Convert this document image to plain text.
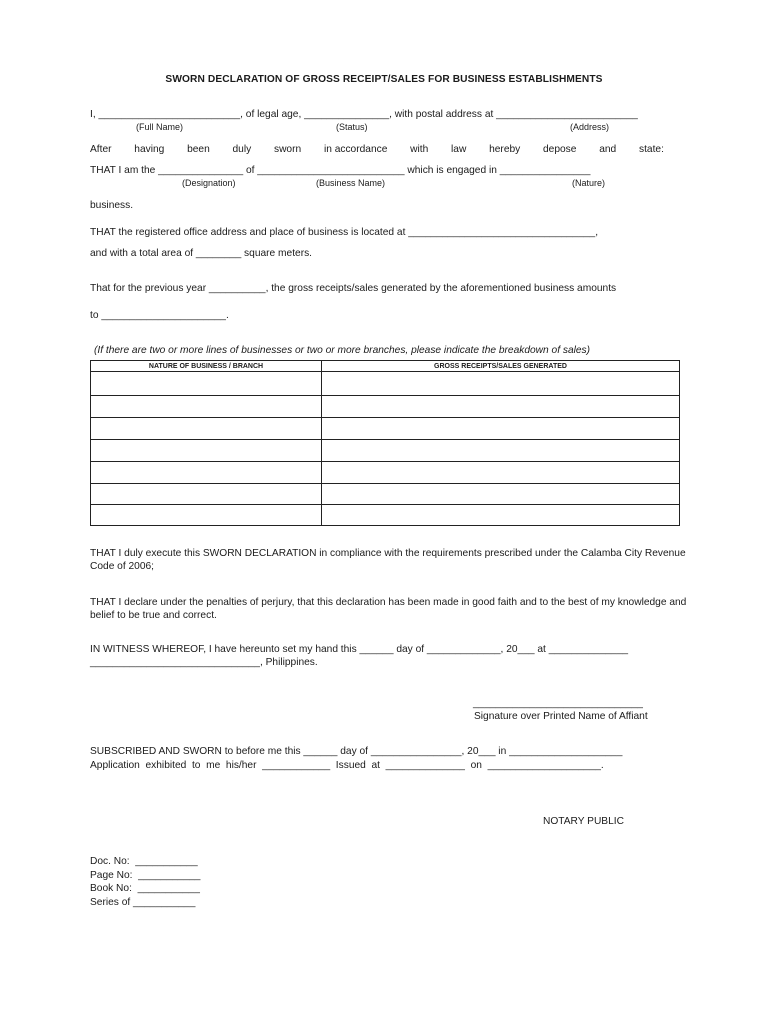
SWORN DECLARATION OF GROSS RECEIPT/SALES FOR BUSINESS ESTABLISHMENTS
I, _________________________, of legal age, _______________, with postal address at _________________________
(Full Name)	(Status)	(Address)
After having been duly sworn in accordance with law hereby depose and state:
THAT I am the _______________ of __________________________ which is engaged in ________________
(Designation)	(Business Name)	(Nature)
business.
THAT the registered office address and place of business is located at _________________________________,
and with a total area of ________ square meters.
That for the previous year __________, the gross receipts/sales generated by the aforementioned business amounts
to ______________________.
(If there are two or more lines of businesses or two or more branches, please indicate the breakdown of sales)
NATURE OF BUSINESS / BRANCH	GROSS RECEIPTS/SALES GENERATED

THAT I duly execute this SWORN DECLARATION in compliance with the requirements prescribed under the Calamba City Revenue Code of 2006;
THAT I declare under the penalties of perjury, that this declaration has been made in good faith and to the best of my knowledge and belief to be true and correct.
IN WITNESS WHEREOF, I have hereunto set my hand this ______ day of _____________, 20___ at ______________
______________________________, Philippines.
______________________________
Signature over Printed Name of Affiant
SUBSCRIBED AND SWORN to before me this ______ day of ________________, 20___ in ____________________
Application  exhibited  to  me  his/her  ____________  Issued  at  ______________  on  ____________________.
NOTARY PUBLIC
Doc. No:  ___________
Page No:  ___________
Book No:  ___________
Series of ___________
